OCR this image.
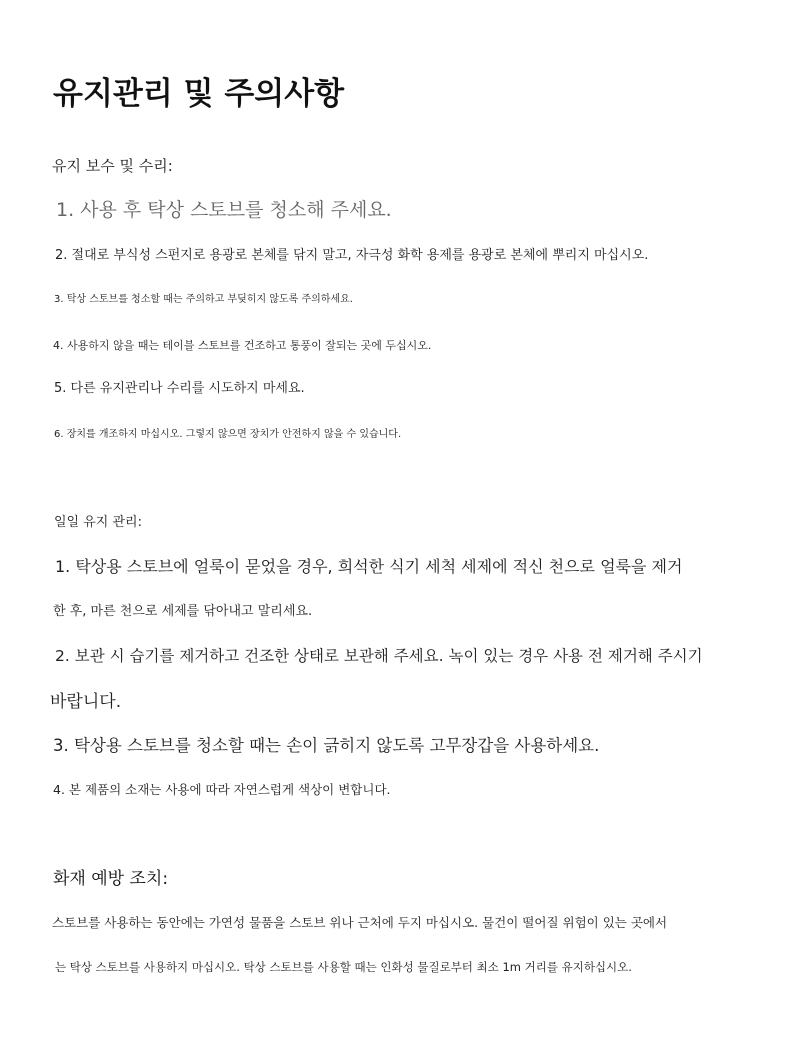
유지관리 및 주의사항
유지 보수 및 수리:
1. 사용 후 탁상 스토브를 청소해 주세요.
2. 절대로 부식성 스펀지로 용광로 본체를 닦지 말고, 자극성 화학 용제를 용광로 본체에 뿌리지 마십시오.
3. 탁상 스토브를 청소할 때는 주의하고 부딪히지 않도록 주의하세요.
4. 사용하지 않을 때는 테이블 스토브를 건조하고 통풍이 잘되는 곳에 두십시오.
5. 다른 유지관리나 수리를 시도하지 마세요.
6. 장치를 개조하지 마십시오. 그렇지 않으면 장치가 안전하지 않을 수 있습니다.
일일 유지 관리:
1. 탁상용 스토브에 얼룩이 묻었을 경우, 희석한 식기 세척 세제에 적신 천으로 얼룩을 제거
한 후, 마른 천으로 세제를 닦아내고 말리세요.
2. 보관 시 습기를 제거하고 건조한 상태로 보관해 주세요. 녹이 있는 경우 사용 전 제거해 주시기
바랍니다.
3. 탁상용 스토브를 청소할 때는 손이 긁히지 않도록 고무장갑을 사용하세요.
4. 본 제품의 소재는 사용에 따라 자연스럽게 색상이 변합니다.
화재 예방 조치:
스토브를 사용하는 동안에는 가연성 물품을 스토브 위나 근처에 두지 마십시오. 물건이 떨어질 위험이 있는 곳에서
는 탁상 스토브를 사용하지 마십시오. 탁상 스토브를 사용할 때는 인화성 물질로부터 최소 1m 거리를 유지하십시오.
